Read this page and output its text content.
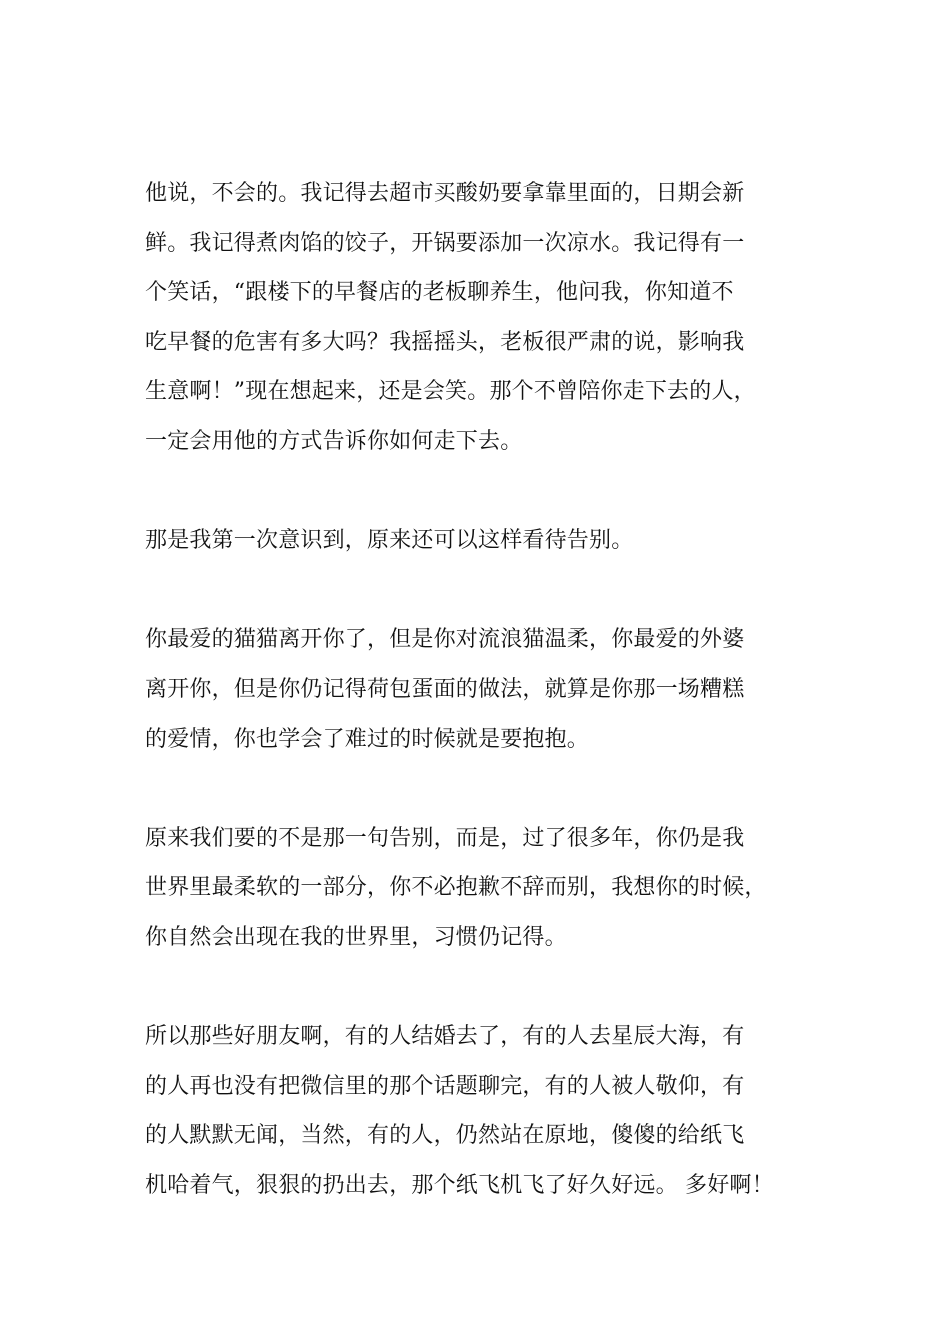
他说，不会的。我记得去超市买酸奶要拿靠里面的，日期会新
鲜。我记得煮肉馅的饺子，开锅要添加一次凉水。我记得有一
个笑话，“跟楼下的早餐店的老板聊养生，他问我，你知道不
吃早餐的危害有多大吗？我摇摇头，老板很严肃的说，影响我
生意啊！”现在想起来，还是会笑。那个不曾陪你走下去的人，
一定会用他的方式告诉你如何走下去。
那是我第一次意识到，原来还可以这样看待告别。
你最爱的猫猫离开你了，但是你对流浪猫温柔，你最爱的外婆
离开你，但是你仍记得荷包蛋面的做法，就算是你那一场糟糕
的爱情，你也学会了难过的时候就是要抱抱。
原来我们要的不是那一句告别，而是，过了很多年，你仍是我
世界里最柔软的一部分，你不必抱歉不辞而别，我想你的时候，
你自然会出现在我的世界里，习惯仍记得。
所以那些好朋友啊，有的人结婚去了，有的人去星辰大海，有
的人再也没有把微信里的那个话题聊完，有的人被人敬仰，有
的人默默无闻，当然，有的人，仍然站在原地，傻傻的给纸飞
机哈着气，狠狠的扔出去，那个纸飞机飞了好久好远。 多好啊！
